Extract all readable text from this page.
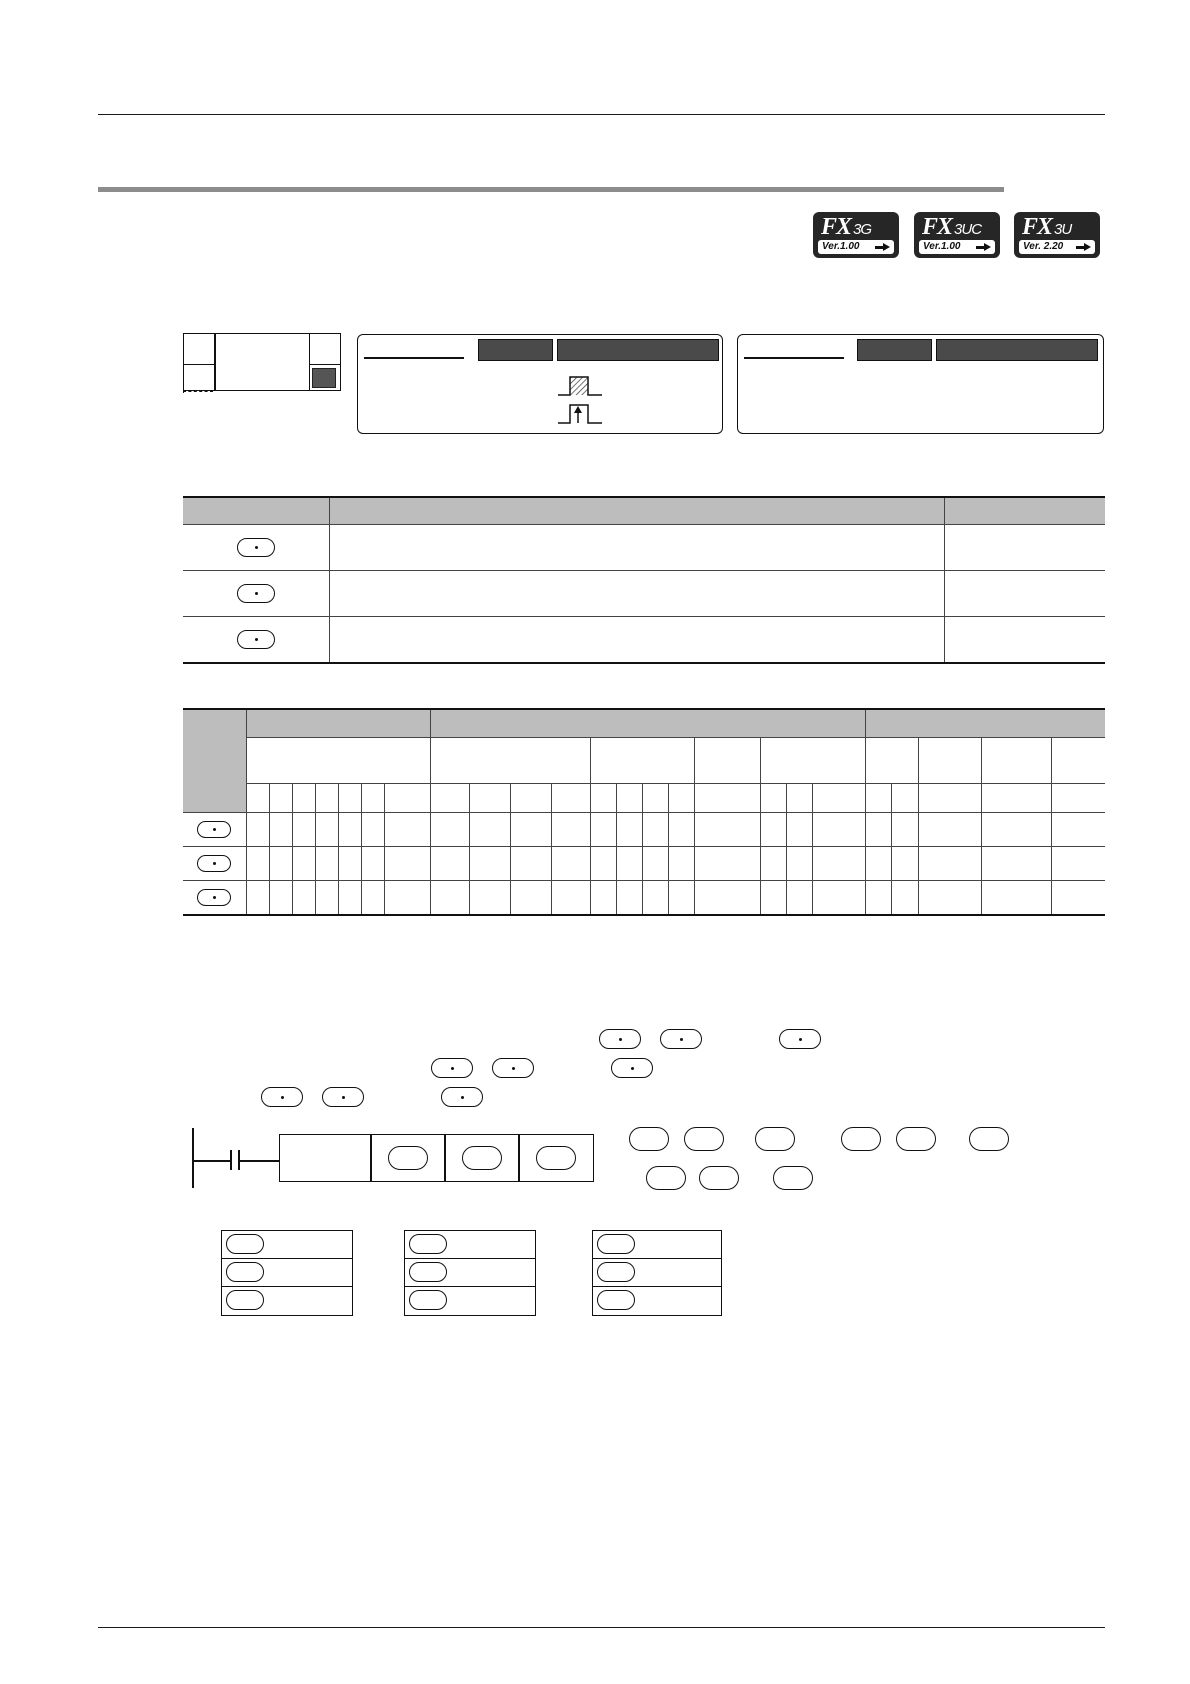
FX 3G
Ver.1.00
FX 3UC
Ver.1.00
FX 3U
Ver. 2.20
